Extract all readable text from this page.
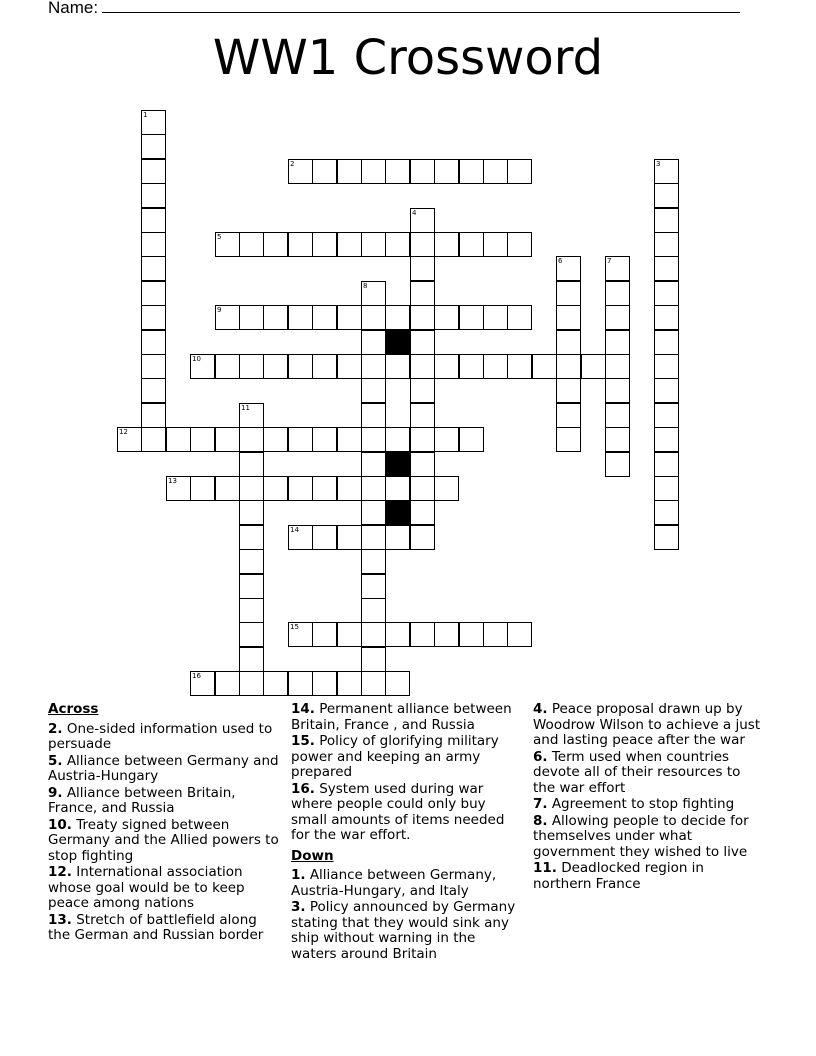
Name:
WW1 Crossword
2
5
9
10
12
13
14
15
16
1
3
4
6	7
8
11
Across
2. One-sided information used to persuade
5. Alliance between Germany and Austria-Hungary
9. Alliance between Britain, France, and Russia
10. Treaty signed between Germany and the Allied powers to stop fighting
12. International association whose goal would be to keep peace among nations
13. Stretch of battlefield along the German and Russian border
14. Permanent alliance between Britain, France , and Russia
15. Policy of glorifying military power and keeping an army prepared
16. System used during war where people could only buy small amounts of items needed for the war effort.
Down
1. Alliance between Germany, Austria-Hungary, and Italy
3. Policy announced by Germany stating that they would sink any ship without warning in the waters around Britain
4. Peace proposal drawn up by Woodrow Wilson to achieve a just and lasting peace after the war
6. Term used when countries devote all of their resources to the war effort
7. Agreement to stop fighting
8. Allowing people to decide for themselves under what government they wished to live
11. Deadlocked region in northern France
